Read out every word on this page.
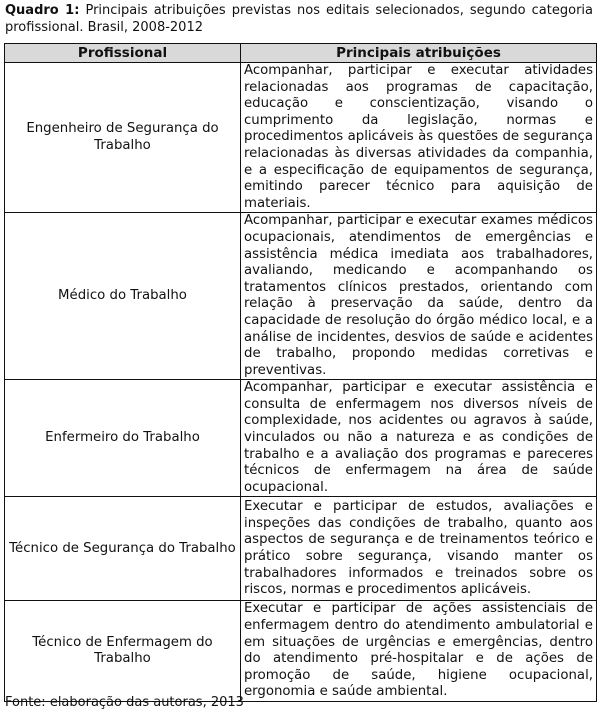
Quadro 1: Principais atribuições previstas nos editais selecionados, segundo categoria profissional. Brasil, 2008-2012
Profissional	Principais atribuições
Engenheiro de Segurança do Trabalho	Acompanhar, participar e executar atividades relacionadas aos programas de capacitação, educação e conscientização, visando o cumprimento da legislação, normas e procedimentos aplicáveis às questões de segurança relacionadas às diversas atividades da companhia, e a especificação de equipamentos de segurança, emitindo parecer técnico para aquisição de materiais.
Médico do Trabalho	Acompanhar, participar e executar exames médicos ocupacionais, atendimentos de emergências e assistência médica imediata aos trabalhadores, avaliando, medicando e acompanhando os tratamentos clínicos prestados, orientando com relação à preservação da saúde, dentro da capacidade de resolução do órgão médico local, e a análise de incidentes, desvios de saúde e acidentes de trabalho, propondo medidas corretivas e preventivas.
Enfermeiro do Trabalho	Acompanhar, participar e executar assistência e consulta de enfermagem nos diversos níveis de complexidade, nos acidentes ou agravos à saúde, vinculados ou não a natureza e as condições de trabalho e a avaliação dos programas e pareceres técnicos de enfermagem na área de saúde ocupacional.
Técnico de Segurança do Trabalho	Executar e participar de estudos, avaliações e inspeções das condições de trabalho, quanto aos aspectos de segurança e de treinamentos teórico e prático sobre segurança, visando manter os trabalhadores informados e treinados sobre os riscos, normas e procedimentos aplicáveis.
Técnico de Enfermagem do Trabalho	Executar e participar de ações assistenciais de enfermagem dentro do atendimento ambulatorial e em situações de urgências e emergências, dentro do atendimento pré-hospitalar e de ações de promoção de saúde, higiene ocupacional, ergonomia e saúde ambiental.
Fonte: elaboração das autoras, 2013
